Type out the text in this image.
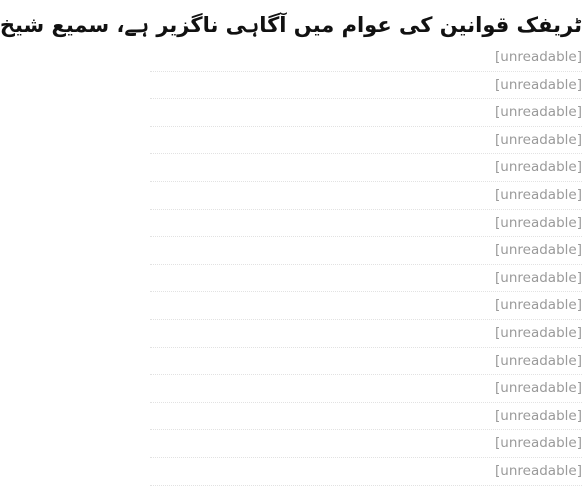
ٹریفک قوانین کی عوام میں آگاہی ناگزیر ہے، سمیع شیخ
[unreadable]
[unreadable]
[unreadable]
[unreadable]
[unreadable]
[unreadable]
[unreadable]
[unreadable]
[unreadable]
[unreadable]
[unreadable]
[unreadable]
[unreadable]
[unreadable]
[unreadable]
[unreadable]
